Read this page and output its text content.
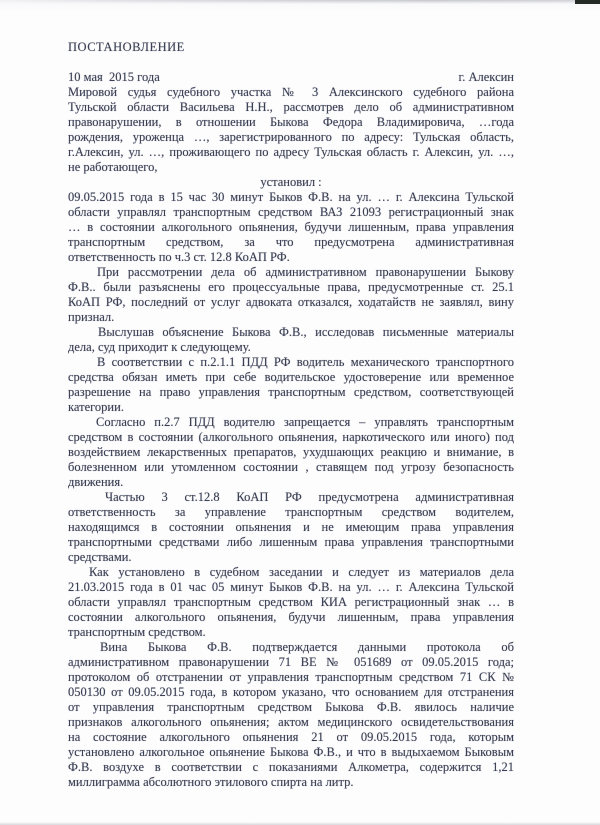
ПОСТАНОВЛЕНИЕ
10 мая  2015 года	г. Алексин
Мировой судья судебного участка № 3 Алексинского судебного района
Тульской области Васильева Н.Н., рассмотрев дело об административном
правонарушении, в отношении Быкова Федора Владимировича, …года
рождения, уроженца …, зарегистрированного по адресу: Тульская область,
г.Алексин, ул. …, проживающего по адресу Тульская область г. Алексин, ул. …,
не работающего,
установил :
09.05.2015 года в 15 час 30 минут Быков Ф.В. на ул. … г. Алексина Тульской
области управлял транспортным средством ВАЗ 21093 регистрационный знак
… в состоянии алкогольного опьянения, будучи лишенным, права управления
транспортным средством, за что предусмотрена административная
ответственность по ч.3 ст. 12.8 КоАП РФ.
При рассмотрении дела об административном правонарушении Быкову
Ф.В.. были разъяснены его процессуальные права, предусмотренные ст. 25.1
КоАП РФ, последний от услуг адвоката отказался, ходатайств не заявлял, вину
признал.
Выслушав объяснение Быкова Ф.В., исследовав письменные материалы
дела, суд приходит к следующему.
В соответствии с п.2.1.1 ПДД РФ водитель механического транспортного
средства обязан иметь при себе водительское удостоверение или временное
разрешение на право управления транспортным средством, соответствующей
категории.
Согласно п.2.7 ПДД водителю запрещается – управлять транспортным
средством в состоянии (алкогольного опьянения, наркотического или иного) под
воздействием лекарственных препаратов, ухудшающих реакцию и внимание, в
болезненном или утомленном состоянии , ставящем под угрозу безопасность
движения.
Частью 3 ст.12.8 КоАП РФ предусмотрена административная
ответственность за управление транспортным средством водителем,
находящимся в состоянии опьянения и не имеющим права управления
транспортными средствами либо лишенным права управления транспортными
средствами.
Как установлено в судебном заседании и следует из материалов дела
21.03.2015 года в 01 час 05 минут Быков Ф.В. на ул. … г. Алексина Тульской
области управлял транспортным средством КИА регистрационный знак … в
состоянии алкогольного опьянения, будучи лишенным, права управления
транспортным средством.
Вина Быкова Ф.В. подтверждается данными протокола об
административном правонарушении 71 ВЕ № 051689 от 09.05.2015 года;
протоколом об отстранении от управления транспортным средством 71 СК №
050130 от 09.05.2015 года, в котором указано, что основанием для отстранения
от управления транспортным средством Быкова Ф.В. явилось наличие
признаков алкогольного опьянения; актом медицинского освидетельствования
на состояние алкогольного опьянения 21 от 09.05.2015 года, которым
установлено алкогольное опьянение Быкова Ф.В., и что в выдыхаемом Быковым
Ф.В. воздухе в соответствии с показаниями Алкометра, содержится 1,21
миллиграмма абсолютного этилового спирта на литр.
